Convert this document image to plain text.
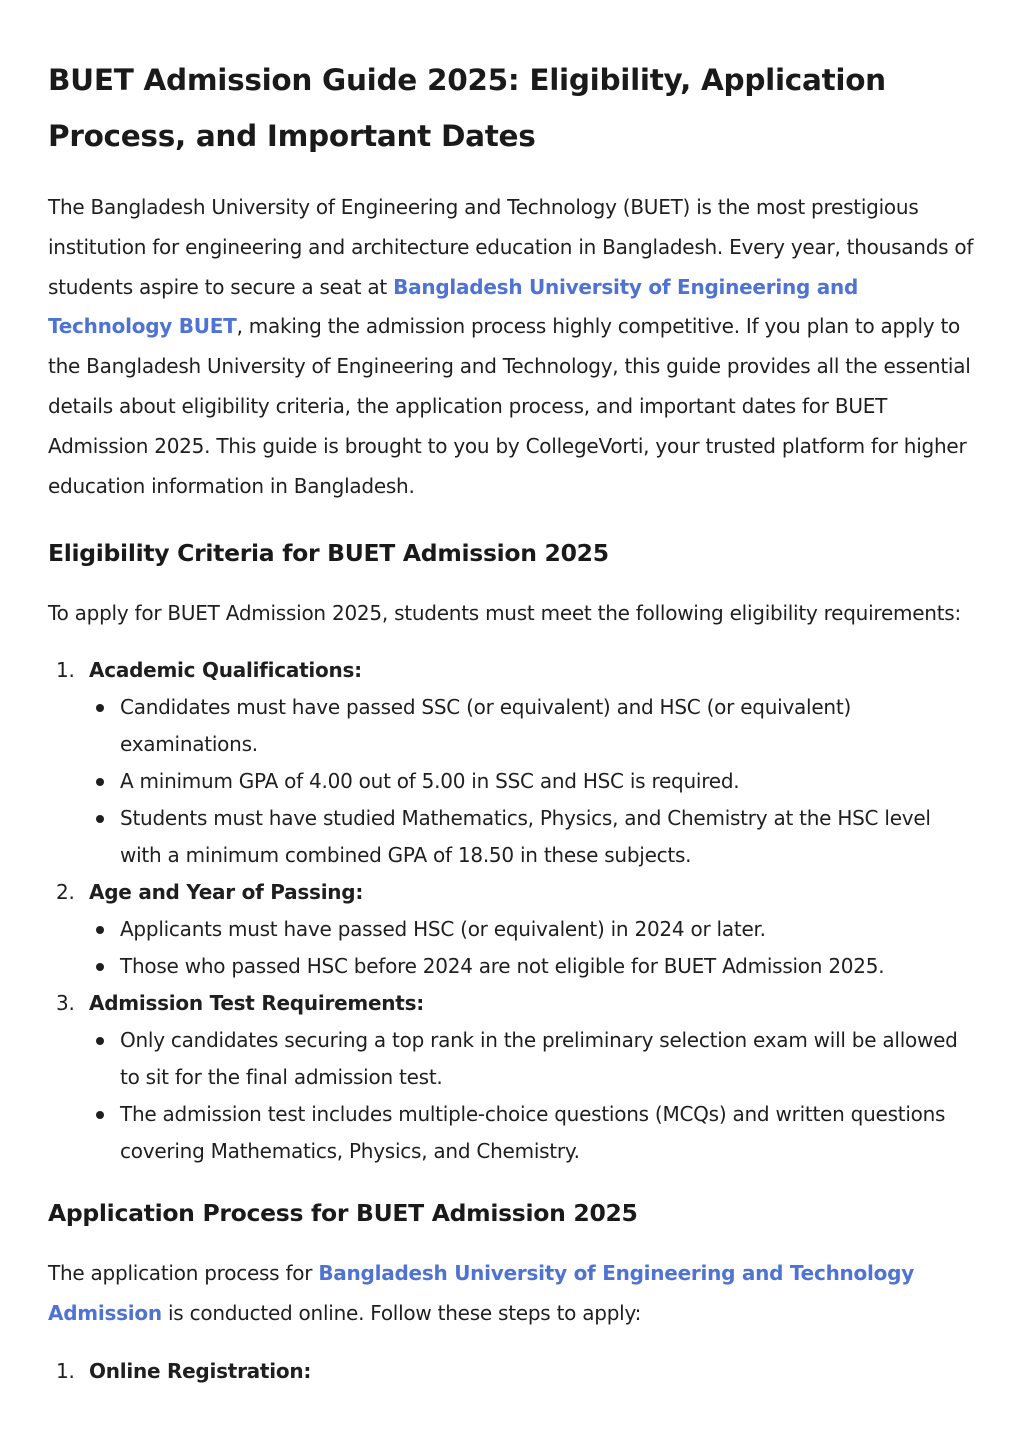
BUET Admission Guide 2025: Eligibility, Application Process, and Important Dates

The Bangladesh University of Engineering and Technology (BUET) is the most prestigious institution for engineering and architecture education in Bangladesh. Every year, thousands of students aspire to secure a seat at Bangladesh University of Engineering and Technology BUET, making the admission process highly competitive. If you plan to apply to the Bangladesh University of Engineering and Technology, this guide provides all the essential details about eligibility criteria, the application process, and important dates for BUET Admission 2025. This guide is brought to you by CollegeVorti, your trusted platform for higher education information in Bangladesh.

Eligibility Criteria for BUET Admission 2025

To apply for BUET Admission 2025, students must meet the following eligibility requirements:

1. Academic Qualifications:
Candidates must have passed SSC (or equivalent) and HSC (or equivalent) examinations.
A minimum GPA of 4.00 out of 5.00 in SSC and HSC is required.
Students must have studied Mathematics, Physics, and Chemistry at the HSC level with a minimum combined GPA of 18.50 in these subjects.
2. Age and Year of Passing:
Applicants must have passed HSC (or equivalent) in 2024 or later.
Those who passed HSC before 2024 are not eligible for BUET Admission 2025.
3. Admission Test Requirements:
Only candidates securing a top rank in the preliminary selection exam will be allowed to sit for the final admission test.
The admission test includes multiple-choice questions (MCQs) and written questions covering Mathematics, Physics, and Chemistry.
Application Process for BUET Admission 2025

The application process for Bangladesh University of Engineering and Technology Admission is conducted online. Follow these steps to apply:

1. Online Registration:
